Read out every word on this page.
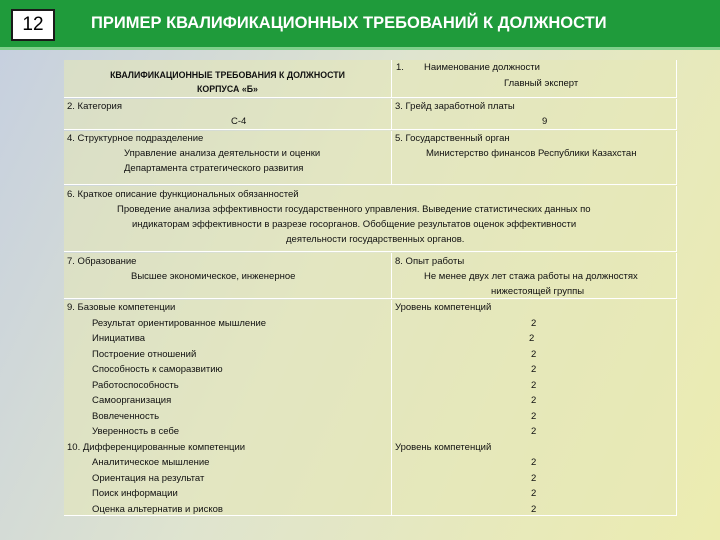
12	ПРИМЕР КВАЛИФИКАЦИОННЫХ ТРЕБОВАНИЙ К ДОЛЖНОСТИ
КВАЛИФИКАЦИОННЫЕ ТРЕБОВАНИЯ К ДОЛЖНОСТИ
КОРПУСА «Б»
1. Наименование должности
Главный эксперт
2. Категория
С-4
3. Грейд заработной платы
9
4. Структурное подразделение
Управление анализа деятельности и оценки
Департамента стратегического развития
5. Государственный орган
Министерство финансов Республики Казахстан
6. Краткое описание функциональных обязанностей
Проведение анализа эффективности государственного управления. Выведение статистических данных по
индикаторам эффективности в разрезе госорганов. Обобщение результатов оценок эффективности
деятельности государственных органов.
7. Образование
Высшее экономическое, инженерное
8. Опыт работы
Не менее двух лет стажа работы на должностях
нижестоящей группы
9. Базовые компетенции
Результат ориентированное мышление
Инициатива
Построение отношений
Способность к саморазвитию
Работоспособность
Самоорганизация
Вовлеченность
Уверенность в себе
10. Дифференцированные компетенции
Аналитическое мышление
Ориентация на результат
Поиск информации
Оценка альтернатив и рисков
Уровень компетенций
2
2
2
2
2
2
2
2
Уровень компетенций
2
2
2
2
